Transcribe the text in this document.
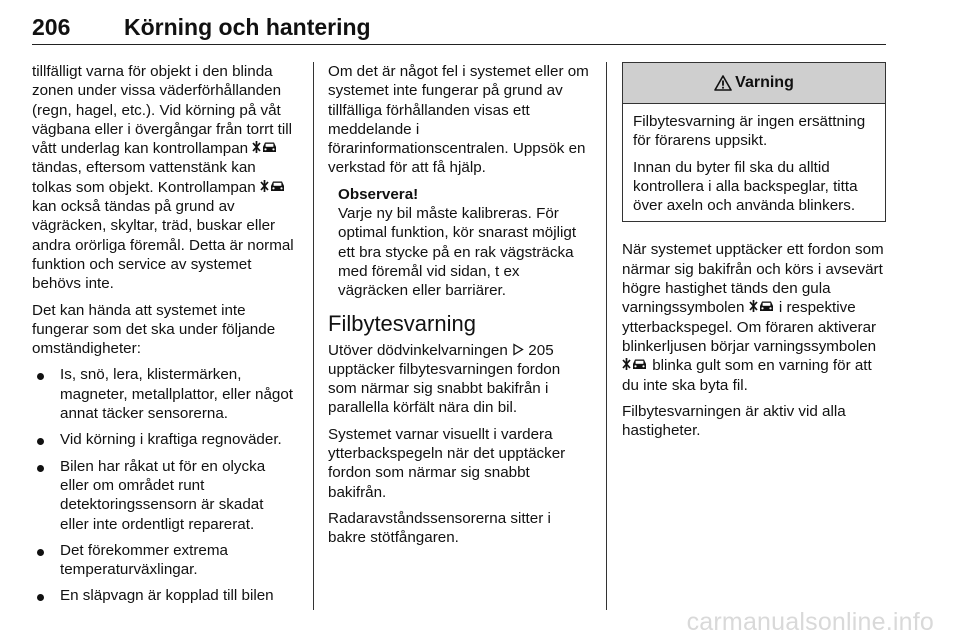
206 Körning och hantering

tillfälligt varna för objekt i den blinda zonen under vissa väderförhållanden (regn, hagel, etc.). Vid körning på våt vägbana eller i övergångar från torrt till vått underlag kan kontrollampan  tändas, eftersom vattenstänk kan tolkas som objekt. Kontrollampan  kan också tändas på grund av vägräcken, skyltar, träd, buskar eller andra orörliga föremål. Detta är normal funktion och service av systemet behövs inte.

Det kan hända att systemet inte fungerar som det ska under följande omständigheter:

Is, snö, lera, klistermärken, magneter, metallplattor, eller något annat täcker sensorerna.
Vid körning i kraftiga regnoväder.
Bilen har råkat ut för en olycka eller om området runt detektoringssensorn är skadat eller inte ordentligt reparerat.
Det förekommer extrema temperaturväxlingar.
En släpvagn är kopplad till bilen

Om det är något fel i systemet eller om systemet inte fungerar på grund av tillfälliga förhållanden visas ett meddelande i förarinformationscentralen. Uppsök en verkstad för att få hjälp.

Observera!
Varje ny bil måste kalibreras. För optimal funktion, kör snarast möjligt ett bra stycke på en rak vägsträcka med föremål vid sidan, t ex vägräcken eller barriärer.
Filbytesvarning

Utöver dödvinkelvarningen 205 upptäcker filbytesvarningen fordon som närmar sig snabbt bakifrån i parallella körfält nära din bil.

Systemet varnar visuellt i vardera ytterbackspegeln när det upptäcker fordon som närmar sig snabbt bakifrån.

Radaravståndssensorerna sitter i bakre stötfångaren.

Varning

Filbytesvarning är ingen ersättning för förarens uppsikt.

Innan du byter fil ska du alltid kontrollera i alla backspeglar, titta över axeln och använda blinkers.

När systemet upptäcker ett fordon som närmar sig bakifrån och körs i avsevärt högre hastighet tänds den gula varningssymbolen i respektive ytterbackspegel. Om föraren aktiverar blinkerljusen börjar varningssymbolen  blinka gult som en varning för att du inte ska byta fil.

Filbytesvarningen är aktiv vid alla hastigheter.

carmanualsonline.info
